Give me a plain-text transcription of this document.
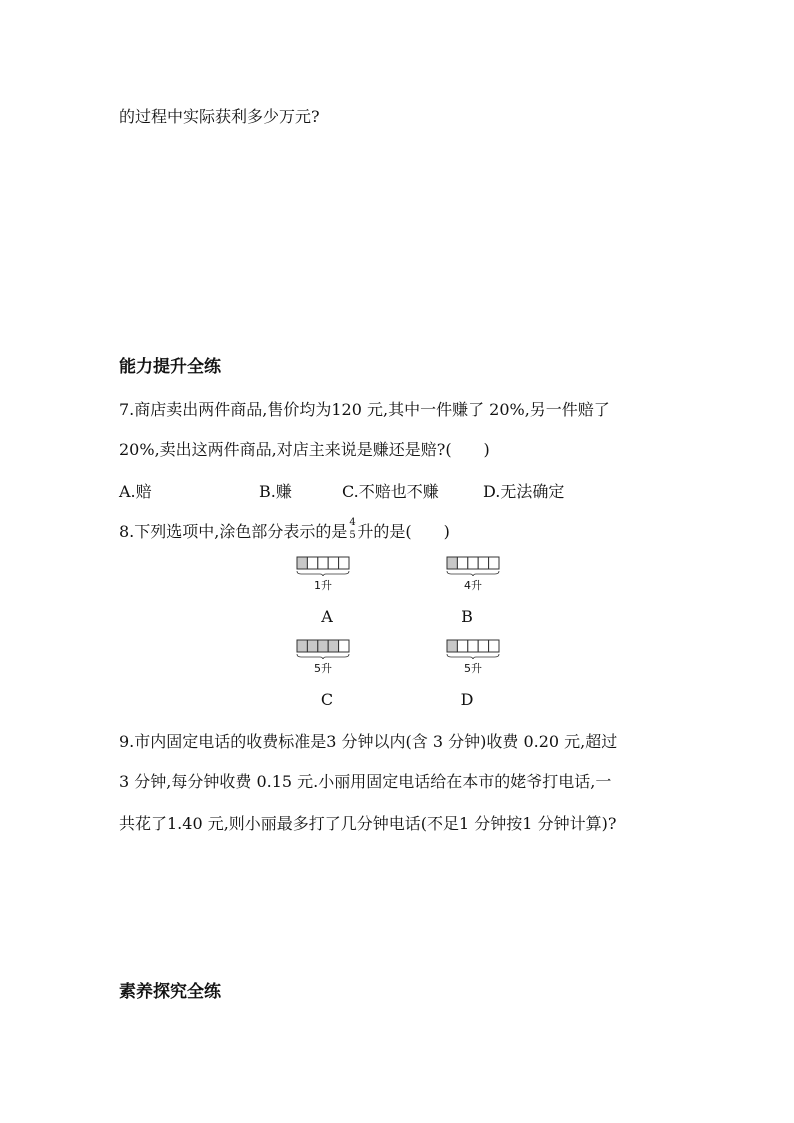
的过程中实际获利多少万元?
能力提升全练
7.商店卖出两件商品,售价均为120 元,其中一件赚了 20%,另一件赔了
20%,卖出这两件商品,对店主来说是赚还是赔?(　　)
A.赔	B.赚	C.不赔也不赚	D.无法确定
8.下列选项中,涂色部分表示的是 4
5 升的是(　　)
1升
A
4升
B
5升
C
5升
D
9.市内固定电话的收费标准是3 分钟以内(含 3 分钟)收费 0.20 元,超过
3 分钟,每分钟收费 0.15 元.小丽用固定电话给在本市的姥爷打电话,一
共花了1.40 元,则小丽最多打了几分钟电话(不足1 分钟按1 分钟计算)?
素养探究全练
